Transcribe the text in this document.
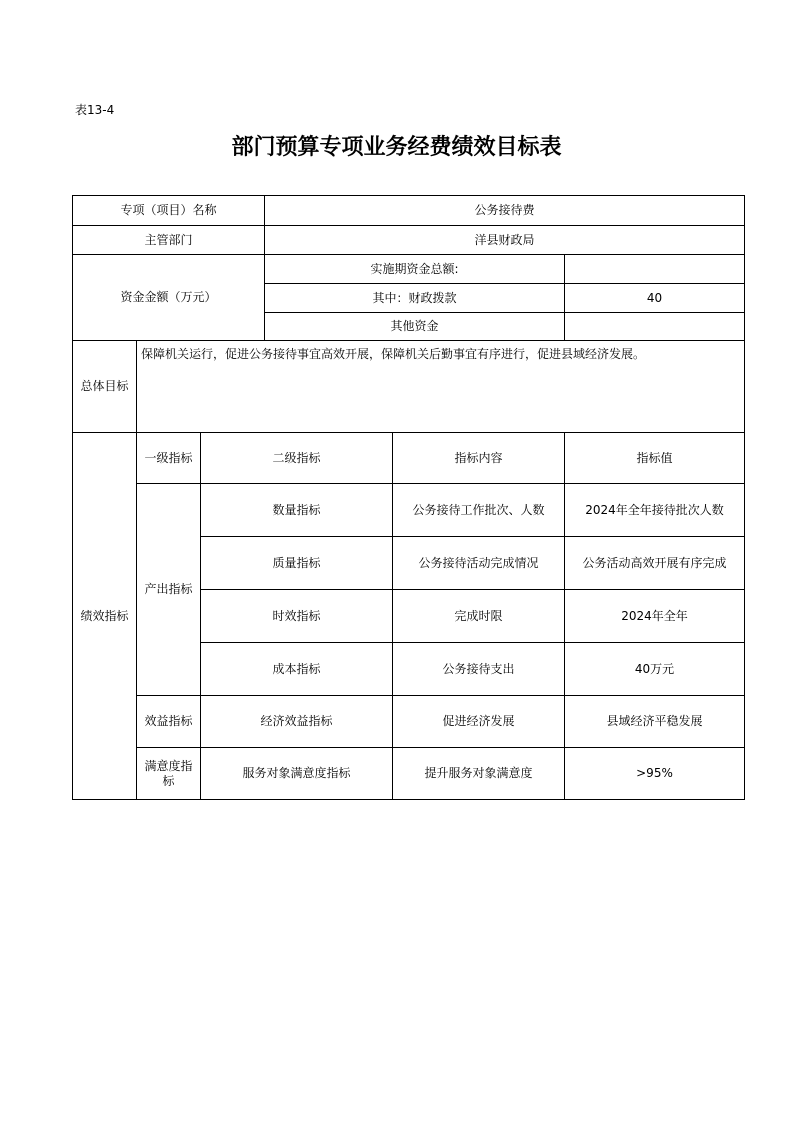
表13-4
部门预算专项业务经费绩效目标表
专项（项目）名称			公务接待费		
主管部门			洋县财政局		
资金金额（万元）			实施期资金总额:		
			其中：财政拨款		40
			其他资金		
总体目标	保障机关运行，促进公务接待事宜高效开展，保障机关后勤事宜有序进行，促进县域经济发展。				
绩效指标	一级指标	二级指标		指标内容	指标值
	产出指标	数量指标		公务接待工作批次、人数	2024年全年接待批次人数
		质量指标		公务接待活动完成情况	公务活动高效开展有序完成
		时效指标		完成时限	2024年全年
		成本指标		公务接待支出	40万元
	效益指标	经济效益指标		促进经济发展	县域经济平稳发展
	满意度指标	服务对象满意度指标		提升服务对象满意度	>95%
